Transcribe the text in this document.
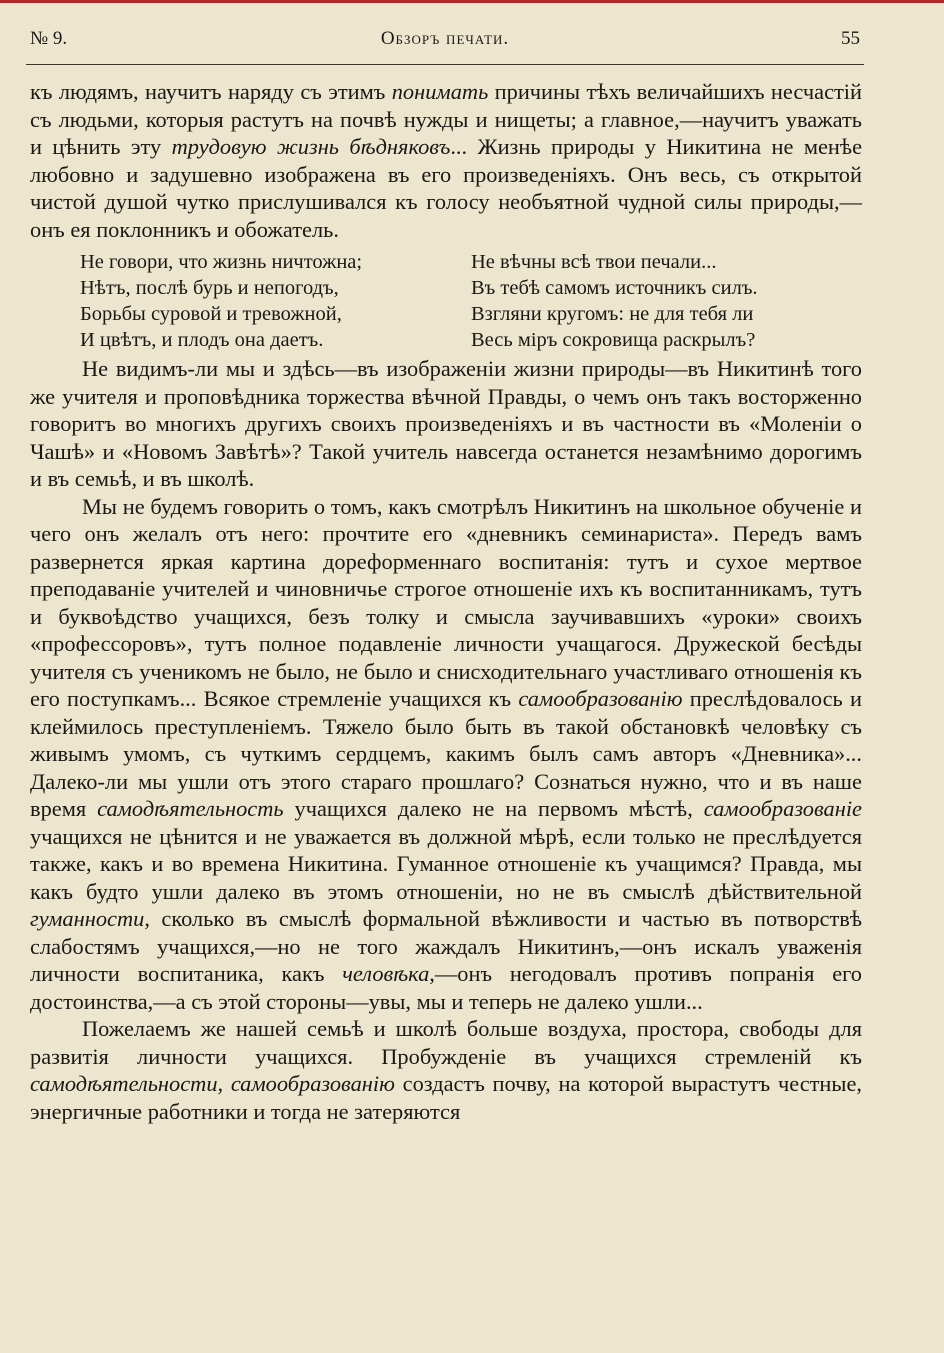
№ 9.	Обзоръ печати.	55

къ людямъ, научитъ наряду съ этимъ понимать причины тѣхъ величайшихъ несчастій съ людьми, которыя растутъ на почвѣ нужды и нищеты; а главное,—научитъ уважать и цѣнить эту трудовую жизнь бѣдняковъ... Жизнь природы у Никитина не менѣе любовно и задушевно изображена въ его произведеніяхъ. Онъ весь, съ открытой чистой душой чутко прислушивался къ голосу необъятной чудной силы природы,—онъ ея поклонникъ и обожатель.

Не говори, что жизнь ничтожна;
Нѣтъ, послѣ бурь и непогодъ,
Борьбы суровой и тревожной,
И цвѣтъ, и плодъ она даетъ.
Не вѣчны всѣ твои печали...
Въ тебѣ самомъ источникъ силъ.
Взгляни кругомъ: не для тебя ли
Весь міръ сокровища раскрылъ?

Не видимъ-ли мы и здѣсь—въ изображеніи жизни природы—въ Никитинѣ того же учителя и проповѣдника торжества вѣчной Правды, о чемъ онъ такъ восторженно говоритъ во многихъ другихъ своихъ произведеніяхъ и въ частности въ «Моленіи о Чашѣ» и «Новомъ Завѣтѣ»? Такой учитель навсегда останется незамѣнимо дорогимъ и въ семьѣ, и въ школѣ.

Мы не будемъ говорить о томъ, какъ смотрѣлъ Никитинъ на школьное обученіе и чего онъ желалъ отъ него: прочтите его «дневникъ семинариста». Передъ вамъ развернется яркая картина дореформеннаго воспитанія: тутъ и сухое мертвое преподаваніе учителей и чиновничье строгое отношеніе ихъ къ воспитанникамъ, тутъ и буквоѣдство учащихся, безъ толку и смысла заучивавшихъ «уроки» своихъ «профессоровъ», тутъ полное подавленіе личности учащагося. Дружеской бесѣды учителя съ ученикомъ не было, не было и снисходительнаго участливаго отношенія къ его поступкамъ... Всякое стремленіе учащихся къ самообразованію преслѣдовалось и клеймилось преступленіемъ. Тяжело было быть въ такой обстановкѣ человѣку съ живымъ умомъ, съ чуткимъ сердцемъ, какимъ былъ самъ авторъ «Дневника»... Далеко-ли мы ушли отъ этого стараго прошлаго? Сознаться нужно, что и въ наше время самодѣятельность учащихся далеко не на первомъ мѣстѣ, самообразованіе учащихся не цѣнится и не уважается въ должной мѣрѣ, если только не преслѣдуется также, какъ и во времена Никитина. Гуманное отношеніе къ учащимся? Правда, мы какъ будто ушли далеко въ этомъ отношеніи, но не въ смыслѣ дѣйствительной гуманности, сколько въ смыслѣ формальной вѣжливости и частью въ потворствѣ слабостямъ учащихся,—но не того жаждалъ Никитинъ,—онъ искалъ уваженія личности воспитаника, какъ человѣка,—онъ негодовалъ противъ попранія его достоинства,—а съ этой стороны—увы, мы и теперь не далеко ушли...

Пожелаемъ же нашей семьѣ и школѣ больше воздуха, простора, свободы для развитія личности учащихся. Пробужденіе въ учащихся стремленій къ самодѣятельности, самообразованію создастъ почву, на которой вырастутъ честные, энергичные работники и тогда не затеряются
